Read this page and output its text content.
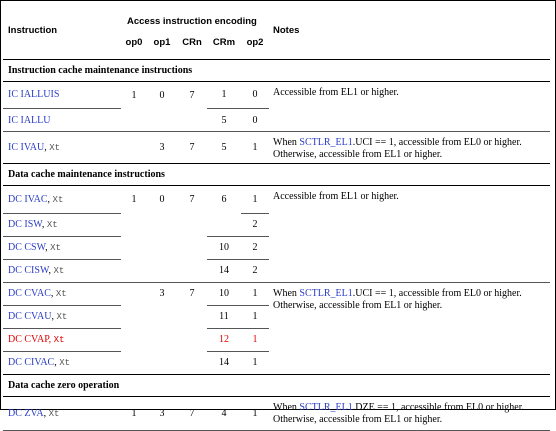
Instruction	Access instruction encoding					Notes
	op0	op1	CRn	CRm	op2	
Instruction cache maintenance instructions						
IC IALLUIS	1	0	7	1	0	Accessible from EL1 or higher.
IC IALLU				5	0	
IC IVAU, Xt		3	7	5	1	When SCTLR_EL1.UCI == 1, accessible from EL0 or higher. Otherwise, accessible from EL1 or higher.
Data cache maintenance instructions						
DC IVAC, Xt	1	0	7	6	1	Accessible from EL1 or higher.
DC ISW, Xt					2	
DC CSW, Xt				10	2	
DC CISW, Xt				14	2	
DC CVAC, Xt		3	7	10	1	When SCTLR_EL1.UCI == 1, accessible from EL0 or higher. Otherwise, accessible from EL1 or higher.
DC CVAU, Xt				11	1	
DC CVAP, Xt				12	1	
DC CIVAC, Xt				14	1	
Data cache zero operation						
DC ZVA, Xt	1	3	7	4	1	When SCTLR_EL1.DZE == 1, accessible from EL0 or higher. Otherwise, accessible from EL1 or higher.
